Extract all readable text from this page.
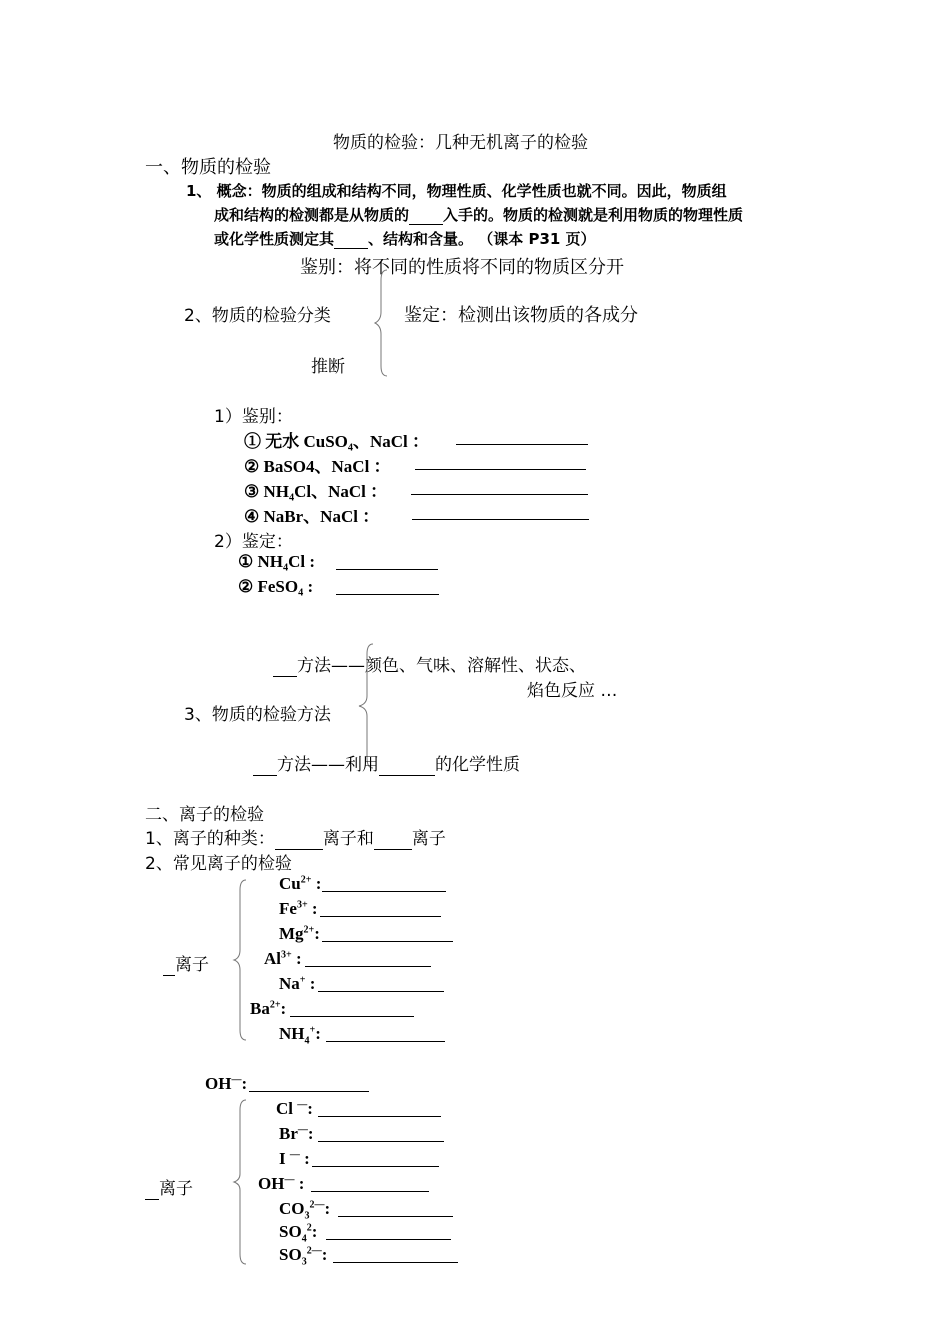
物质的检验：几种无机离子的检验
一、物质的检验
1、 概念：物质的组成和结构不同，物理性质、化学性质也就不同。因此，物质组
成和结构的检测都是从物质的 入手的。物质的检测就是利用物质的物理性质
或化学性质测定其 、结构和含量。 （课本 P31 页）
鉴别：将不同的性质将不同的物质区分开
2、物质的检验分类	鉴定：检测出该物质的各成分
推断
1）鉴别：
① 无水 CuSO₄、NaCl ：
② BaSO4、NaCl ：
③ NH₄Cl、NaCl ：
④ NaBr、NaCl ：
2）鉴定：
① NH₄Cl :
② FeSO₄ :
方法——颜色、气味、溶解性、状态、
焰色反应 …
3、物质的检验方法
方法——利用	的化学性质
二、离子的检验
1、离子的种类：	离子和 离子
2、常见离子的检验
离子
$Cu^{2+}$ :
$Fe^{3+}$ :
$Mg^{2+}$:
$Al^{3+}$ :
Na+ :
$Ba^{2+}$:
$NH_4^+$:
OH—:
离子
Cl —:
Br—:
I — :
OH— :
$CO_3^{2—}$:
$SO_4^2$:
$SO_3^{2—}$:
